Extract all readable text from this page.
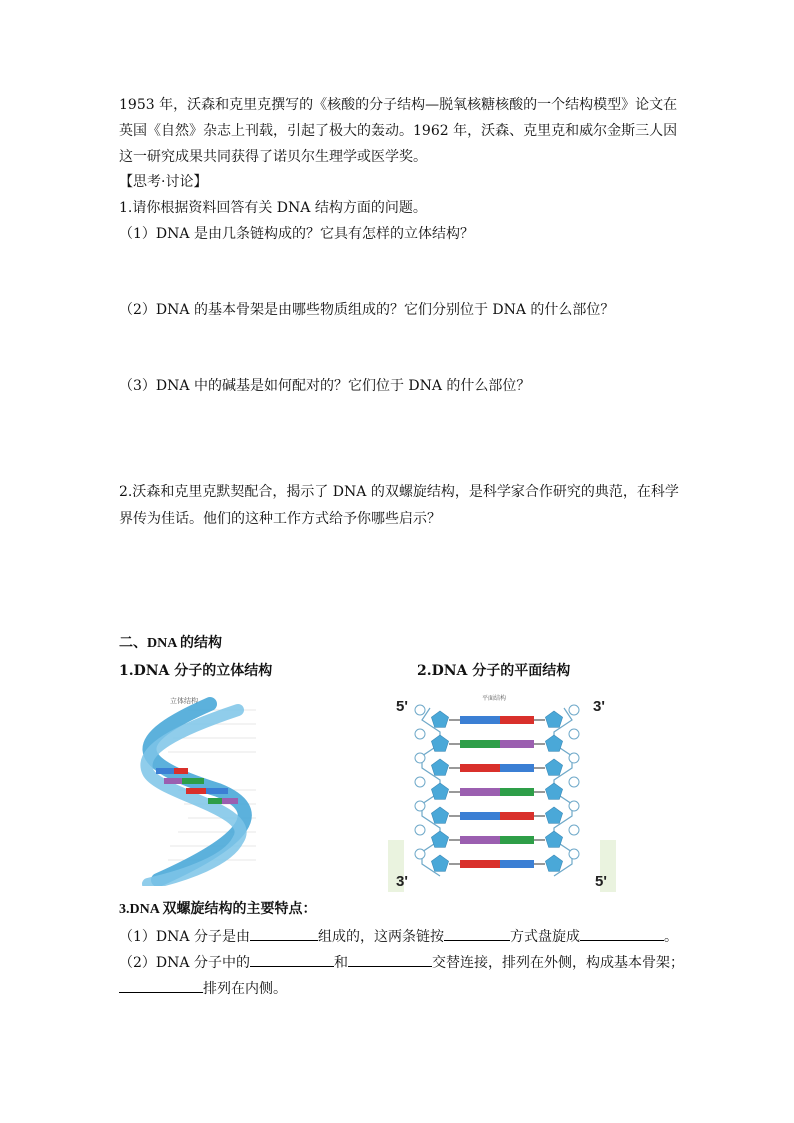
1953 年，沃森和克里克撰写的《核酸的分子结构—脱氧核糖核酸的一个结构模型》论文在
英国《自然》杂志上刊载，引起了极大的轰动。1962 年，沃森、克里克和威尔金斯三人因
这一研究成果共同获得了诺贝尔生理学或医学奖。
【思考·讨论】
1.请你根据资料回答有关 DNA 结构方面的问题。
（1）DNA 是由几条链构成的？它具有怎样的立体结构？
（2）DNA 的基本骨架是由哪些物质组成的？它们分别位于 DNA 的什么部位？
（3）DNA 中的碱基是如何配对的？它们位于 DNA 的什么部位？
2.沃森和克里克默契配合，揭示了 DNA 的双螺旋结构，是科学家合作研究的典范，在科学
界传为佳话。他们的这种工作方式给予你哪些启示？
二、DNA 的结构
1.DNA 分子的立体结构	2.DNA 分子的平面结构
立体结构	5'	3'
3'	5'
平面结构
3.DNA 双螺旋结构的主要特点：
（1）DNA 分子是由	组成的，这两条链按	方式盘旋成	。
（2）DNA 分子中的	和	交替连接，排列在外侧，构成基本骨架；
排列在内侧。
